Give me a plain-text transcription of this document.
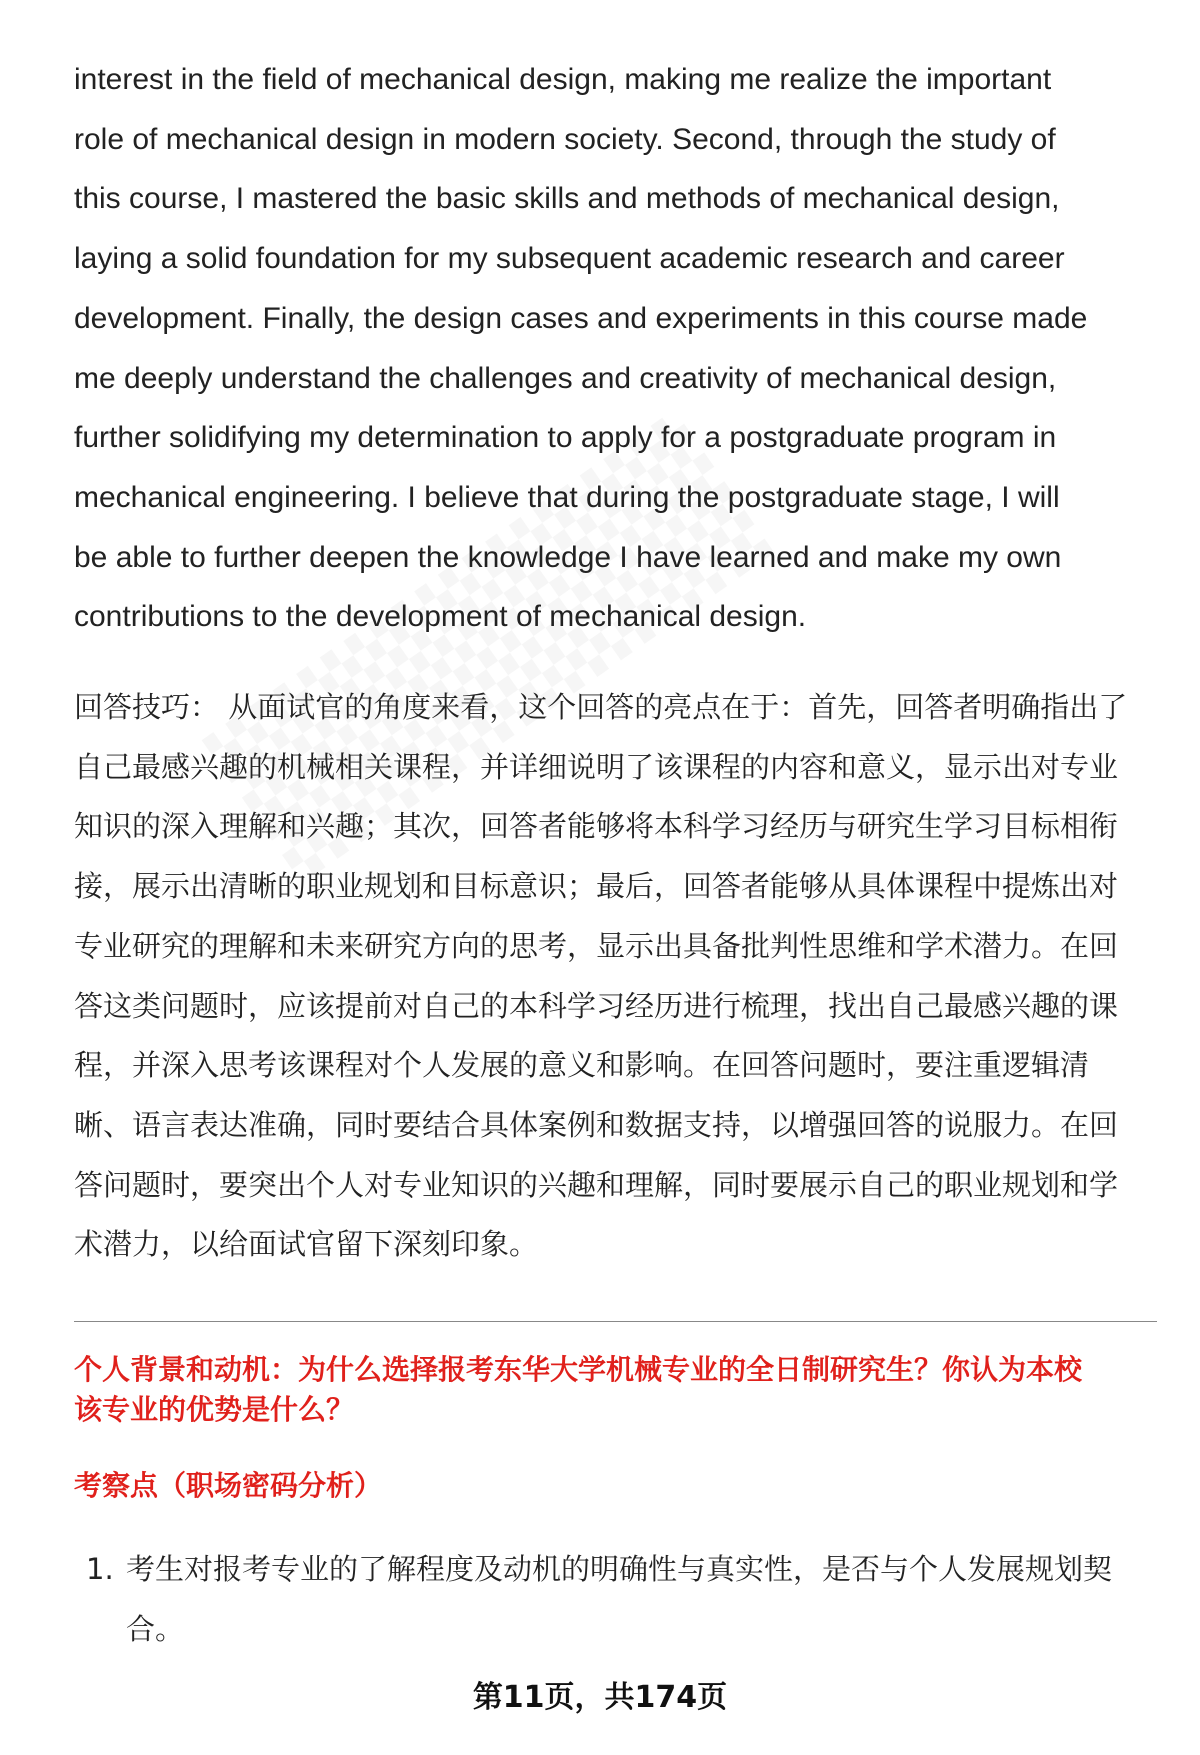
interest in the field of mechanical design, making me realize the important
role of mechanical design in modern society. Second, through the study of
this course, I mastered the basic skills and methods of mechanical design,
laying a solid foundation for my subsequent academic research and career
development. Finally, the design cases and experiments in this course made
me deeply understand the challenges and creativity of mechanical design,
further solidifying my determination to apply for a postgraduate program in
mechanical engineering. I believe that during the postgraduate stage, I will
be able to further deepen the knowledge I have learned and make my own
contributions to the development of mechanical design.

回答技巧： 从面试官的角度来看，这个回答的亮点在于：首先，回答者明确指出了
自己最感兴趣的机械相关课程，并详细说明了该课程的内容和意义，显示出对专业
知识的深入理解和兴趣；其次，回答者能够将本科学习经历与研究生学习目标相衔
接，展示出清晰的职业规划和目标意识；最后，回答者能够从具体课程中提炼出对
专业研究的理解和未来研究方向的思考，显示出具备批判性思维和学术潜力。在回
答这类问题时，应该提前对自己的本科学习经历进行梳理，找出自己最感兴趣的课
程，并深入思考该课程对个人发展的意义和影响。在回答问题时，要注重逻辑清
晰、语言表达准确，同时要结合具体案例和数据支持，以增强回答的说服力。在回
答问题时，要突出个人对专业知识的兴趣和理解，同时要展示自己的职业规划和学
术潜力，以给面试官留下深刻印象。

个人背景和动机：为什么选择报考东华大学机械专业的全日制研究生？你认为本校
该专业的优势是什么？
考察点（职场密码分析）
1. 考生对报考专业的了解程度及动机的明确性与真实性，是否与个人发展规划契
合。
第11页，共174页
